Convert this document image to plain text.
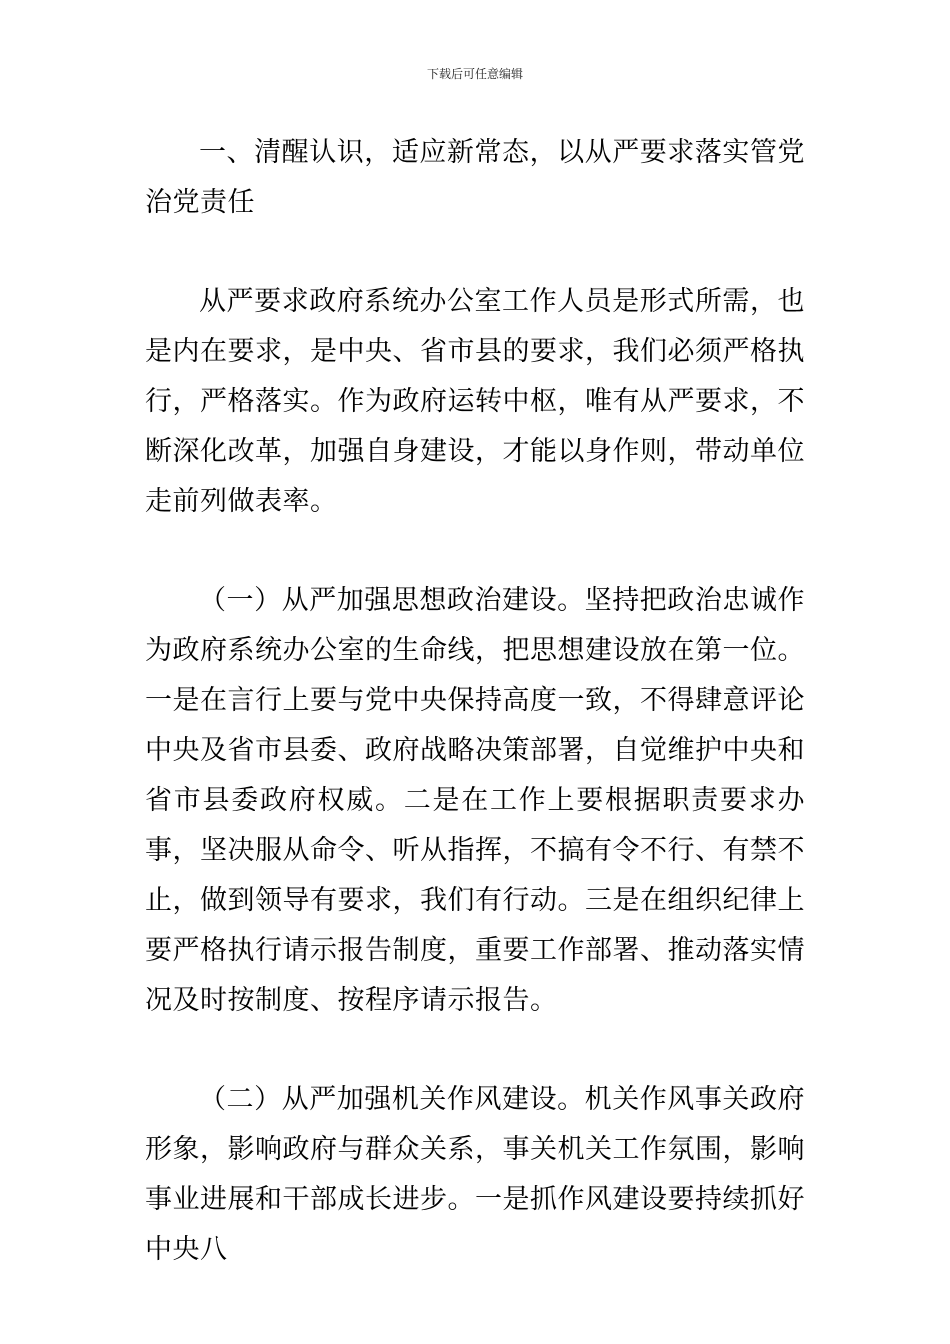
下载后可任意编辑

一、清醒认识，适应新常态，以从严要求落实管党治党责任

从严要求政府系统办公室工作人员是形式所需，也是内在要求，是中央、省市县的要求，我们必须严格执行，严格落实。作为政府运转中枢，唯有从严要求，不断深化改革，加强自身建设，才能以身作则，带动单位走前列做表率。

（一）从严加强思想政治建设。坚持把政治忠诚作为政府系统办公室的生命线，把思想建设放在第一位。一是在言行上要与党中央保持高度一致，不得肆意评论中央及省市县委、政府战略决策部署，自觉维护中央和省市县委政府权威。二是在工作上要根据职责要求办事，坚决服从命令、听从指挥，不搞有令不行、有禁不止，做到领导有要求，我们有行动。三是在组织纪律上要严格执行请示报告制度，重要工作部署、推动落实情况及时按制度、按程序请示报告。

（二）从严加强机关作风建设。机关作风事关政府形象，影响政府与群众关系，事关机关工作氛围，影响事业进展和干部成长进步。一是抓作风建设要持续抓好中央八
